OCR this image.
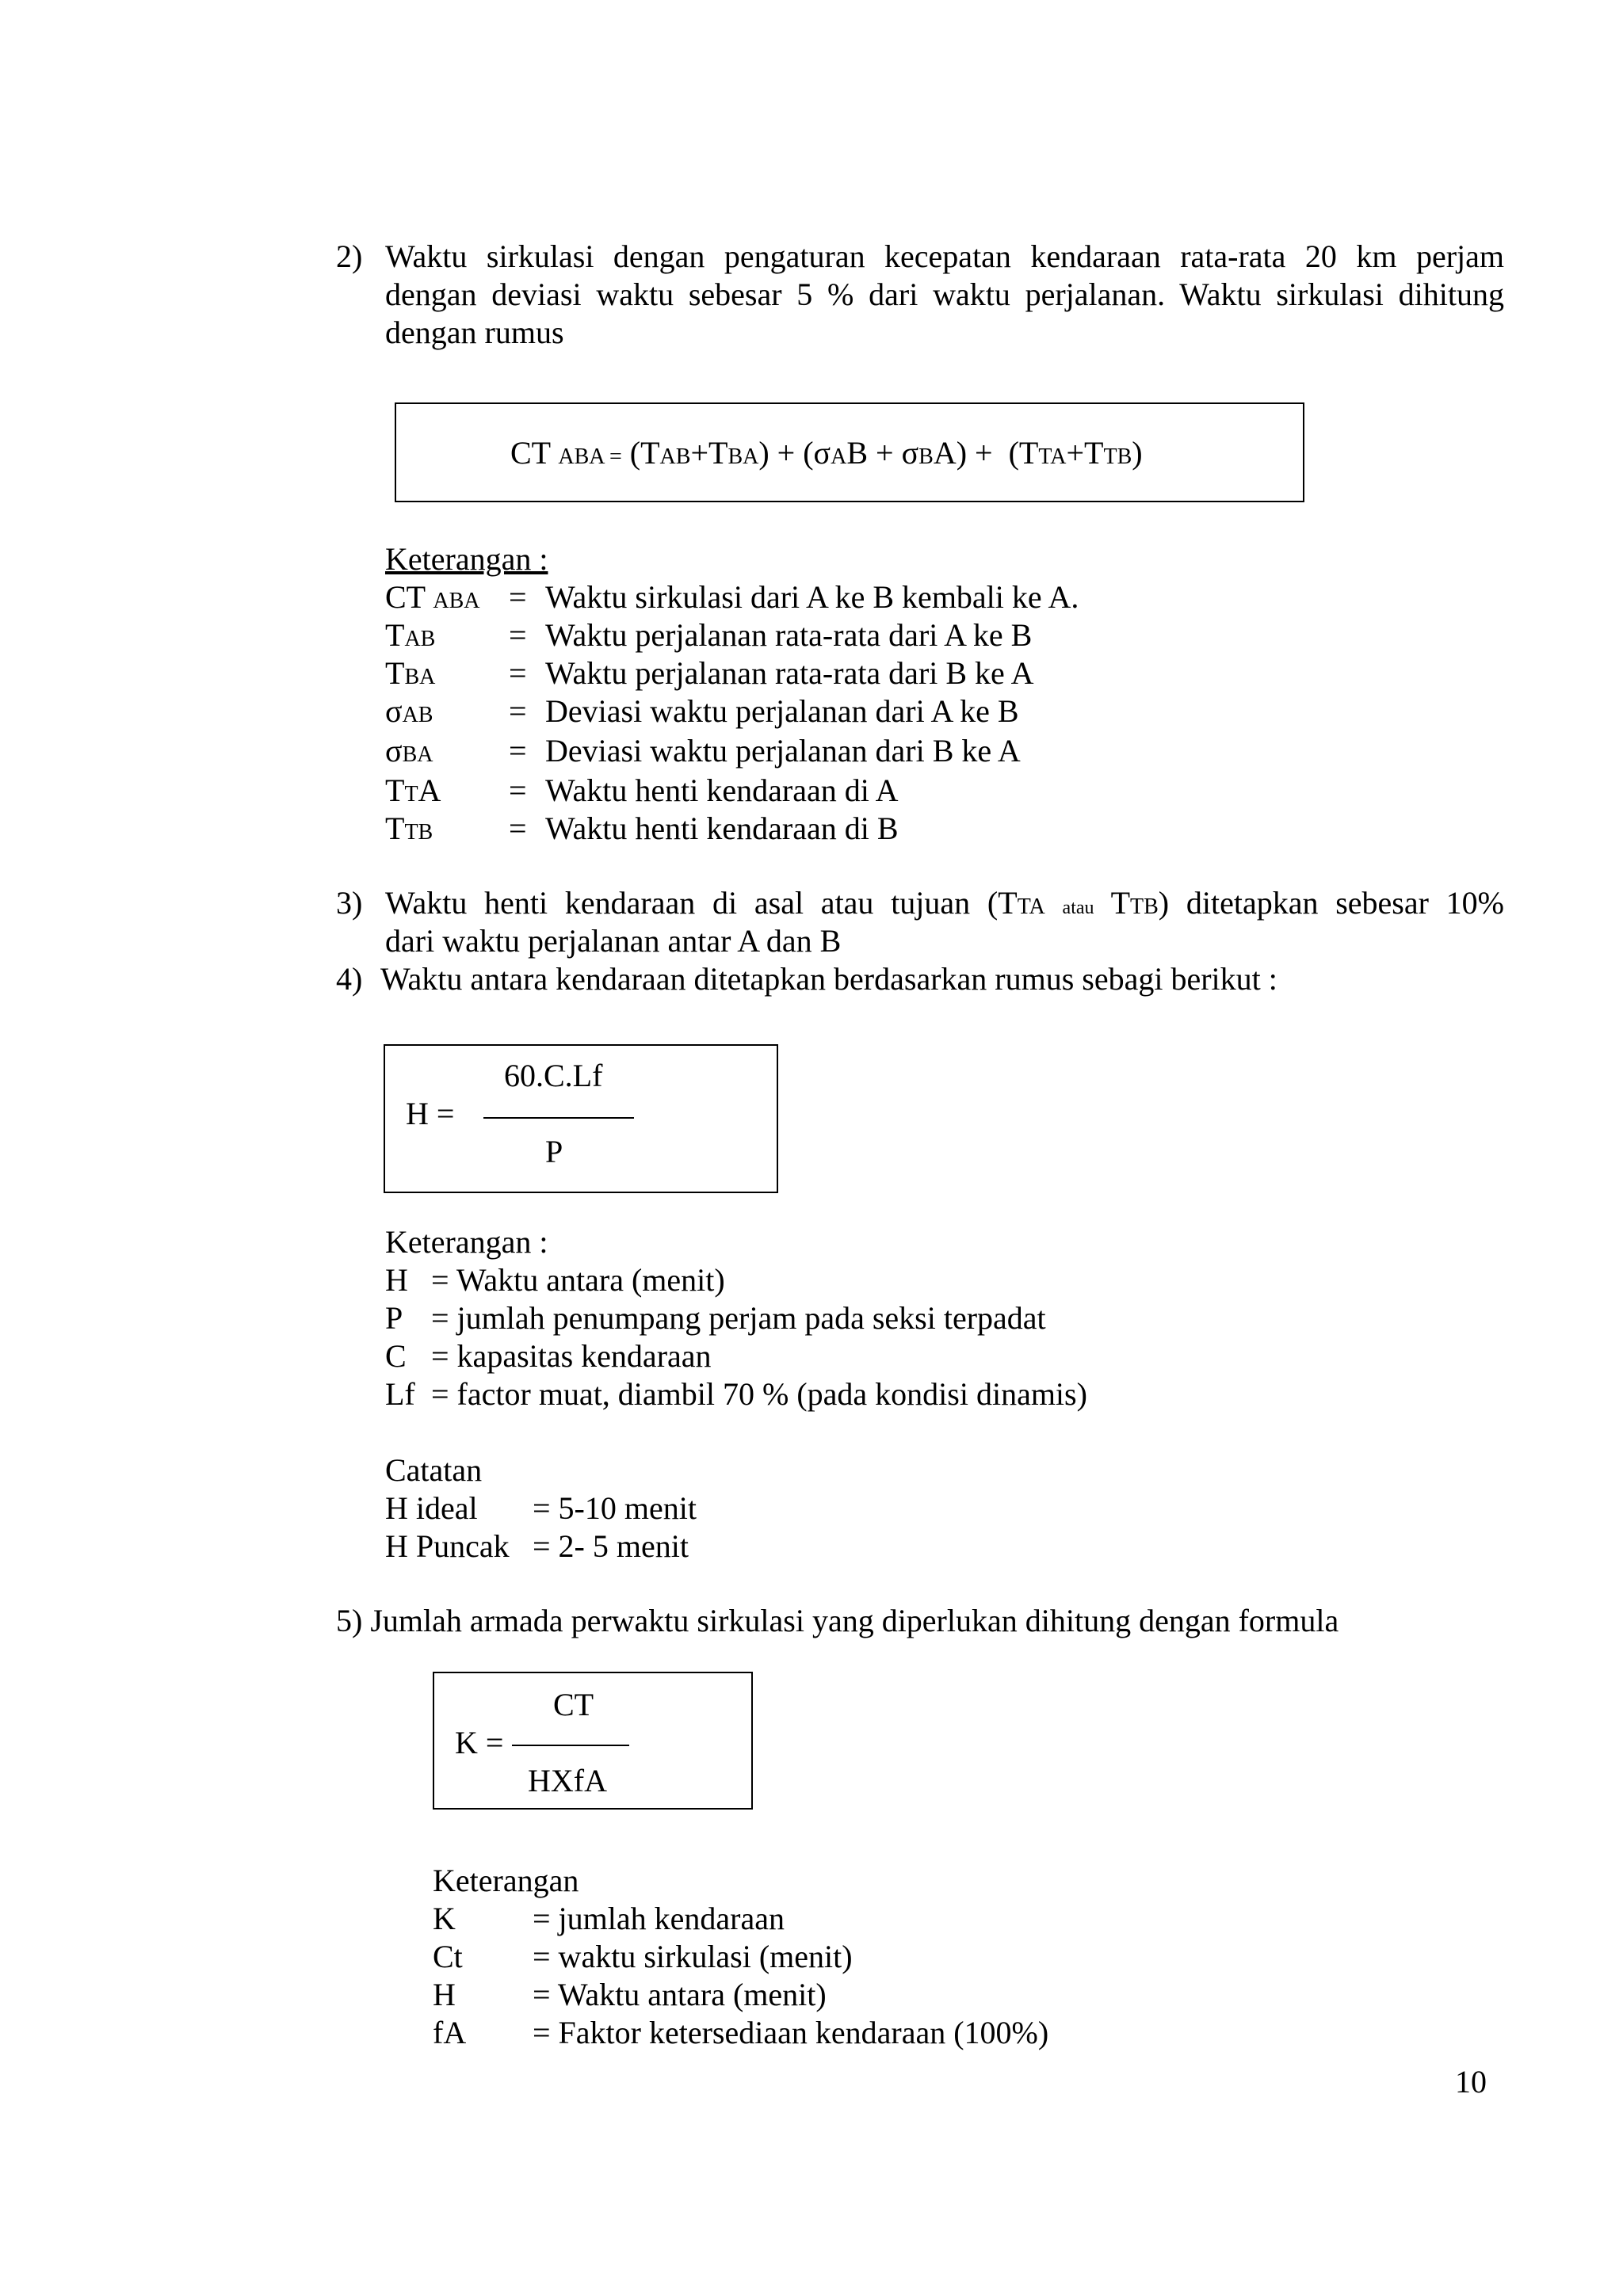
2) Waktu sirkulasi dengan pengaturan kecepatan kendaraan rata-rata 20 km perjam
dengan deviasi waktu sebesar 5 % dari waktu perjalanan. Waktu sirkulasi dihitung
dengan rumus
CT ABA = (TAB+TBA) + (σAB + σBA) +  (TTA+TTB)
Keterangan :
CT ABA = Waktu sirkulasi dari A ke B kembali ke A.
TAB = Waktu perjalanan rata-rata dari A ke B
TBA = Waktu perjalanan rata-rata dari B ke A
σAB = Deviasi waktu perjalanan dari A ke B
σBA = Deviasi waktu perjalanan dari B ke A
TTA = Waktu henti kendaraan di A
TTB = Waktu henti kendaraan di B
3) Waktu henti kendaraan di asal atau tujuan (TTA atau TTB) ditetapkan sebesar 10%
dari waktu perjalanan antar A dan B
4) Waktu antara kendaraan ditetapkan berdasarkan rumus sebagi berikut :
60.C.Lf
H =
P
Keterangan :
H = Waktu antara (menit)
P = jumlah penumpang perjam pada seksi terpadat
C = kapasitas kendaraan
Lf = factor muat, diambil 70 % (pada kondisi dinamis)
Catatan
H ideal = 5-10 menit
H Puncak = 2- 5 menit
5) Jumlah armada perwaktu sirkulasi yang diperlukan dihitung dengan formula
CT
K =
HXfA
Keterangan
K = jumlah kendaraan
Ct = waktu sirkulasi (menit)
H = Waktu antara (menit)
fA = Faktor ketersediaan kendaraan (100%)
10
